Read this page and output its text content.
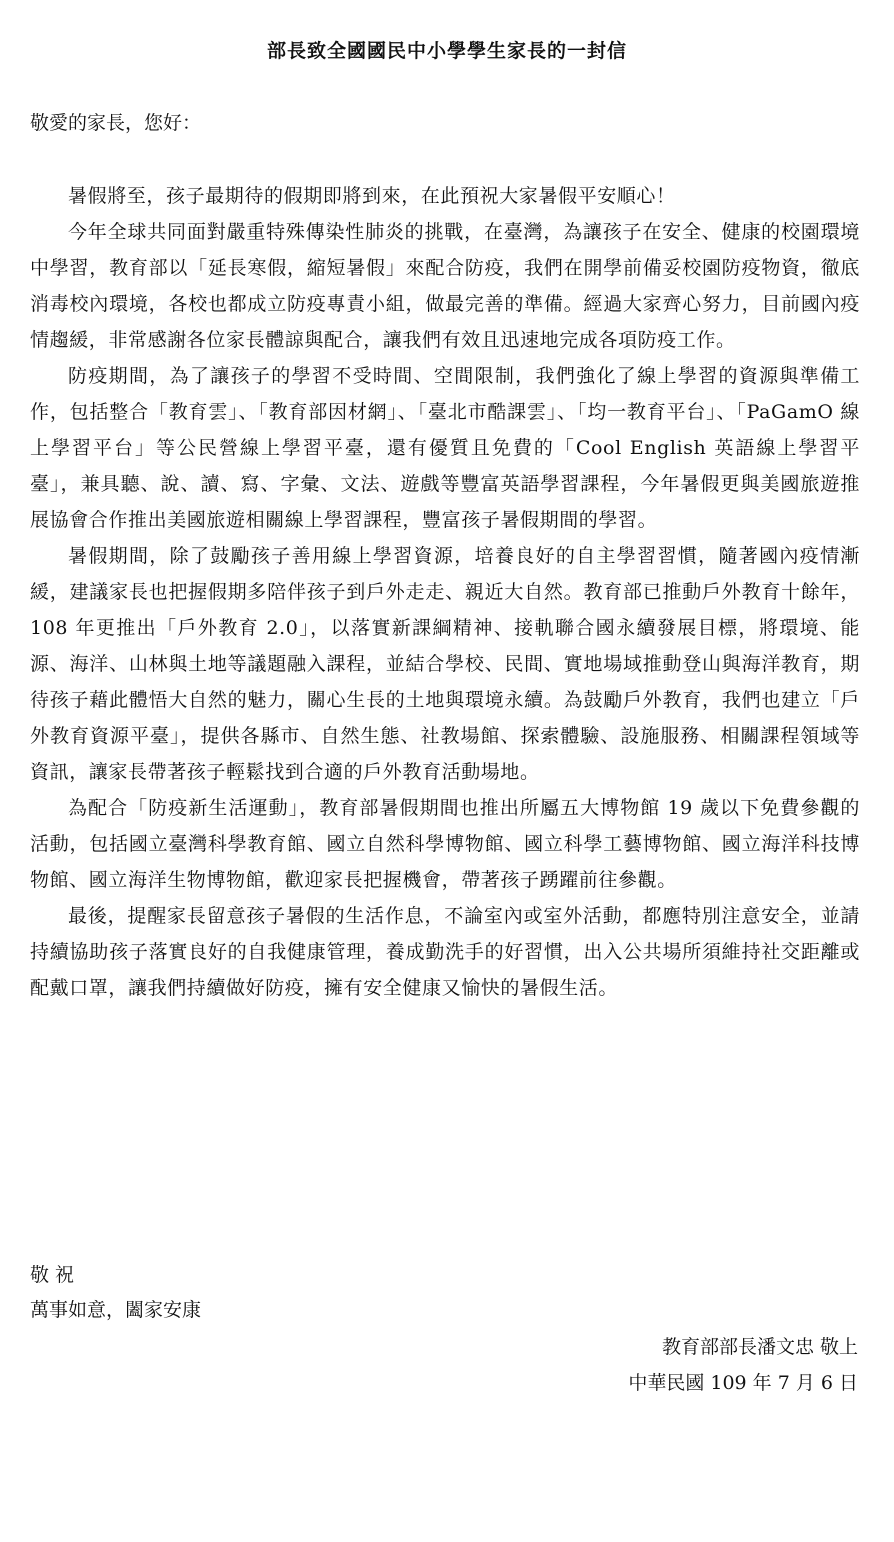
部長致全國國民中小學學生家長的一封信
敬愛的家長，您好：

暑假將至，孩子最期待的假期即將到來，在此預祝大家暑假平安順心！

今年全球共同面對嚴重特殊傳染性肺炎的挑戰，在臺灣，為讓孩子在安全、健康的校園環境中學習，教育部以「延長寒假，縮短暑假」來配合防疫，我們在開學前備妥校園防疫物資，徹底消毒校內環境，各校也都成立防疫專責小組，做最完善的準備。經過大家齊心努力，目前國內疫情趨緩，非常感謝各位家長體諒與配合，讓我們有效且迅速地完成各項防疫工作。

防疫期間，為了讓孩子的學習不受時間、空間限制，我們強化了線上學習的資源與準備工作，包括整合「教育雲」、「教育部因材網」、「臺北市酷課雲」、「均一教育平台」、「PaGamO 線上學習平台」等公民營線上學習平臺，還有優質且免費的「Cool English 英語線上學習平臺」，兼具聽、說、讀、寫、字彙、文法、遊戲等豐富英語學習課程，今年暑假更與美國旅遊推展協會合作推出美國旅遊相關線上學習課程，豐富孩子暑假期間的學習。

暑假期間，除了鼓勵孩子善用線上學習資源，培養良好的自主學習習慣，隨著國內疫情漸緩，建議家長也把握假期多陪伴孩子到戶外走走、親近大自然。教育部已推動戶外教育十餘年，108 年更推出「戶外教育 2.0」，以落實新課綱精神、接軌聯合國永續發展目標，將環境、能源、海洋、山林與土地等議題融入課程，並結合學校、民間、實地場域推動登山與海洋教育，期待孩子藉此體悟大自然的魅力，關心生長的土地與環境永續。為鼓勵戶外教育，我們也建立「戶外教育資源平臺」，提供各縣市、自然生態、社教場館、探索體驗、設施服務、相關課程領域等資訊，讓家長帶著孩子輕鬆找到合適的戶外教育活動場地。

為配合「防疫新生活運動」，教育部暑假期間也推出所屬五大博物館 19 歲以下免費參觀的活動，包括國立臺灣科學教育館、國立自然科學博物館、國立科學工藝博物館、國立海洋科技博物館、國立海洋生物博物館，歡迎家長把握機會，帶著孩子踴躍前往參觀。

最後，提醒家長留意孩子暑假的生活作息，不論室內或室外活動，都應特別注意安全，並請持續協助孩子落實良好的自我健康管理，養成勤洗手的好習慣，出入公共場所須維持社交距離或配戴口罩，讓我們持續做好防疫，擁有安全健康又愉快的暑假生活。

敬 祝
萬事如意，闔家安康
教育部部長潘文忠 敬上
中華民國 109 年 7 月 6 日
